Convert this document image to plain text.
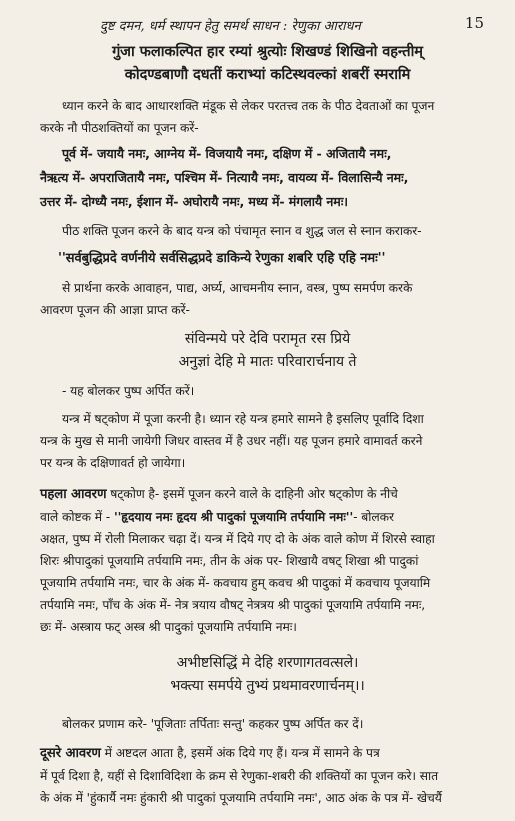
दुष्ट दमन, धर्म स्थापन हेतु समर्थ साधन : रेणुका आराधन	15
गुंजा फलाकल्पित हार रम्यां श्रुत्योः शिखण्डं शिखिनो वहन्तीम्
कोदण्डबाणौ दधतीं कराभ्यां कटिस्थवल्कां शबरीं स्मरामि
ध्यान करने के बाद आधारशक्ति मंडूक से लेकर परतत्त्व तक के पीठ देवताओं का पूजन
करके नौ पीठशक्तियों का पूजन करें-
पूर्व में- जयायै नमः, आग्नेय में- विजयायै नमः, दक्षिण में - अजितायै नमः,
नैऋत्य में- अपराजितायै नमः, पश्चिम में- नित्यायै नमः, वायव्य में- विलासिन्यै नमः,
उत्तर में- दोग्ध्यै नमः, ईशान में- अघोरायै नमः, मध्य में- मंगलायै नमः।
पीठ शक्ति पूजन करने के बाद यन्त्र को पंचामृत स्नान व शुद्ध जल से स्नान कराकर-
''सर्वबुद्धिप्रदे वर्णनीये सर्वसिद्धप्रदे डाकिन्ये रेणुका शबरि एहि एहि नमः''
से प्रार्थना करके आवाहन, पाद्य, अर्घ्य, आचमनीय स्नान, वस्त्र, पुष्प समर्पण करके
आवरण पूजन की आज्ञा प्राप्त करें-
संविन्मये परे देवि परामृत रस प्रिये
अनुज्ञां देहि मे मातः परिवारार्चनाय ते
- यह बोलकर पुष्प अर्पित करें।
यन्त्र में षट्कोण में पूजा करनी है। ध्यान रहे यन्त्र हमारे सामने है इसलिए पूर्वादि दिशा
यन्त्र के मुख से मानी जायेगी जिधर वास्तव में है उधर नहीं। यह पूजन हमारे वामावर्त करने
पर यन्त्र के दक्षिणावर्त हो जायेगा।
पहला आवरण षट्कोण है- इसमें पूजन करने वाले के दाहिनी ओर षट्कोण के नीचे
वाले कोष्टक में - ''हृदयाय नमः हृदय श्री पादुकां पूजयामि तर्पयामि नमः''- बोलकर
अक्षत, पुष्प में रोली मिलाकर चढ़ा दें। यन्त्र में दिये गए दो के अंक वाले कोण में शिरसे स्वाहा
शिरः श्रीपादुकां पूजयामि तर्पयामि नमः, तीन के अंक पर- शिखायै वषट् शिखा श्री पादुकां
पूजयामि तर्पयामि नमः, चार के अंक में- कवचाय हुम् कवच श्री पादुकां में कवचाय पूजयामि
तर्पयामि नमः, पाँच के अंक में- नेत्र त्रयाय वौषट् नेत्रत्रय श्री पादुकां पूजयामि तर्पयामि नमः,
छः में- अस्त्राय फट् अस्त्र श्री पादुकां पूजयामि तर्पयामि नमः।
अभीष्टसिद्धिं मे देहि शरणागतवत्सले।
भक्त्या समर्पये तुभ्यं प्रथमावरणार्चनम्।।
बोलकर प्रणाम करे- 'पूजिताः तर्पिताः सन्तु' कहकर पुष्प अर्पित कर दें।
दूसरे आवरण में अष्टदल आता है, इसमें अंक दिये गए हैं। यन्त्र में सामने के पत्र
में पूर्व दिशा है, यहीं से दिशाविदिशा के क्रम से रेणुका-शबरी की शक्तियों का पूजन करे। सात
के अंक में 'हुंकार्यै नमः हुंकारी श्री पादुकां पूजयामि तर्पयामि नमः', आठ अंक के पत्र में- खेचर्यै
